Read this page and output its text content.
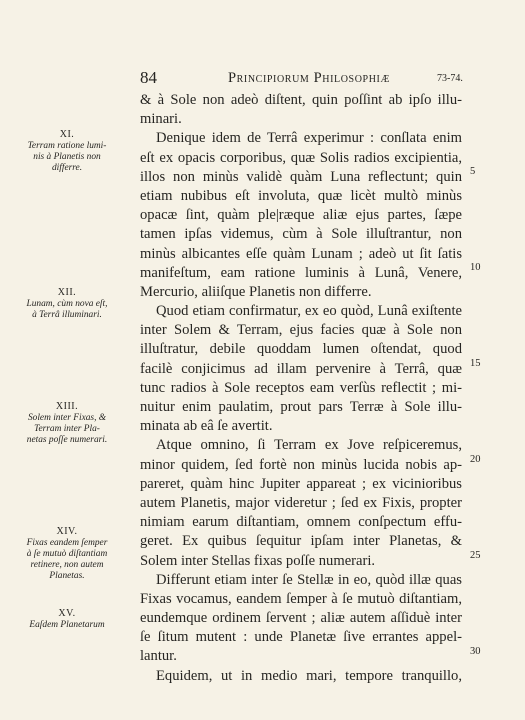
84	Principiorum Philosophiæ	73-74.
XI.
Terram ratione lumi-
nis à Planetis non
differre.
XII.
Lunam, cùm nova eſt,
à Terrâ illuminari.
XIII.
Solem inter Fixas, &
Terram inter Pla-
netas poſſe numerari.
XIV.
Fixas eandem ſemper
à ſe mutuò diſtantiam
retinere, non autem
Planetas.
XV.
Eaſdem Planetarum
& à Sole non adeò diſtent, quin poſſint ab ipſo illu-
minari.
Denique idem de Terrâ experimur : conſlata enim
eſt ex opacis corporibus, quæ Solis radios excipientia,
illos non minùs validè quàm Luna reflectunt; quin
etiam nubibus eſt involuta, quæ licèt multò minùs
opacæ ſint, quàm ple|ræque aliæ ejus partes, ſæpe
tamen ipſas videmus, cùm à Sole illuſtrantur, non
minùs albicantes eſſe quàm Lunam ; adeò ut ſit ſatis
manifeſtum, eam ratione luminis à Lunâ, Venere,
Mercurio, aliiſque Planetis non differre.
Quod etiam confirmatur, ex eo quòd, Lunâ exiſtente
inter Solem & Terram, ejus facies quæ à Sole non
illuſtratur, debile quoddam lumen oſtendat, quod
facilè conjicimus ad illam pervenire à Terrâ, quæ
tunc radios à Sole receptos eam verſùs reflectit ; mi-
nuitur enim paulatim, prout pars Terræ à Sole illu-
minata ab eâ ſe avertit.
Atque omnino, ſi Terram ex Jove reſpiceremus,
minor quidem, ſed fortè non minùs lucida nobis ap-
pareret, quàm hinc Jupiter appareat ; ex vicinioribus
autem Planetis, major videretur ; ſed ex Fixis, propter
nimiam earum diſtantiam, omnem conſpectum effu-
geret. Ex quibus ſequitur ipſam inter Planetas, &
Solem inter Stellas fixas poſſe numerari.
Differunt etiam inter ſe Stellæ in eo, quòd illæ quas
Fixas vocamus, eandem ſemper à ſe mutuò diſtantiam,
eundemque ordinem ſervent ; aliæ autem aſſiduè inter
ſe ſitum mutent : unde Planetæ ſive errantes appel-
lantur.
Equidem, ut in medio mari, tempore tranquillo,
5
10
15
20
25
30
